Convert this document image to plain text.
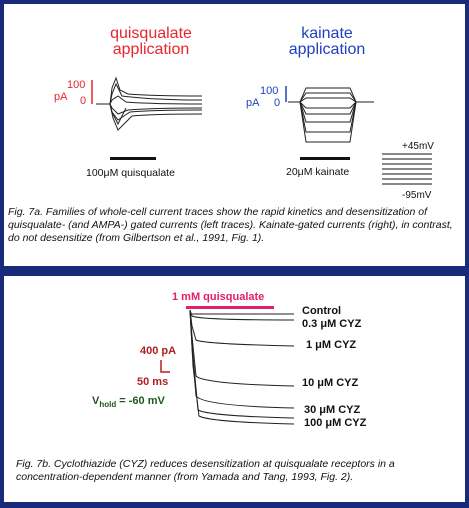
quisqualate
application
kainate
application
pA
100
0
100μM quisqualate
pA
100
0
20μM kainate
+45mV
-95mV
Fig. 7a. Families of whole-cell current traces show the rapid kinetics and desensitization of quisqualate- (and AMPA-) gated currents (left traces). Kainate-gated currents (right), in contrast, do not desensitize (from Gilbertson et al., 1991, Fig. 1).
1 mM quisqualate
400 pA
50 ms
$V_{hold} = -60$ mV
Control
0.3 μM CYZ
1 μM CYZ
10 μM CYZ
30 μM CYZ
100 μM CYZ
Fig. 7b. Cyclothiazide (CYZ) reduces desensitization at quisqualate receptors in a concentration-dependent manner (from Yamada and Tang, 1993, Fig. 2).
